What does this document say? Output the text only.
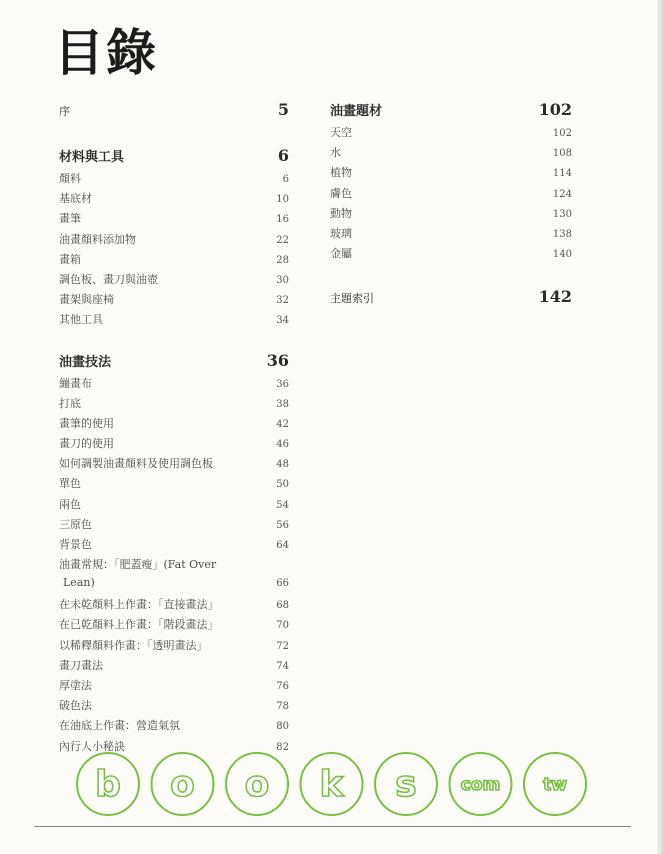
目錄
序	5
材料與工具	6
顏料	6
基底材	10
畫筆	16
油畫顏料添加物	22
畫箱	28
調色板、畫刀與油壺	30
畫架與座椅	32
其他工具	34
油畫技法	36
繃畫布	36
打底	38
畫筆的使用	42
畫刀的使用	46
如何調製油畫顏料及使用調色板	48
單色	50
兩色	54
三原色	56
背景色	64
油畫常規：「肥蓋瘦」(Fat Over
Lean)	66
在未乾顏料上作畫：「直接畫法」	68
在已乾顏料上作畫：「階段畫法」	70
以稀釋顏料作畫：「透明畫法」	72
畫刀畫法	74
厚塗法	76
破色法	78
在油底上作畫：營造氣氛	80
內行人小秘訣	82
油畫題材	102
天空	102
水	108
植物	114
膚色	124
動物	130
玻璃	138
金屬	140
主題索引	142
b o o k s	com	tw
